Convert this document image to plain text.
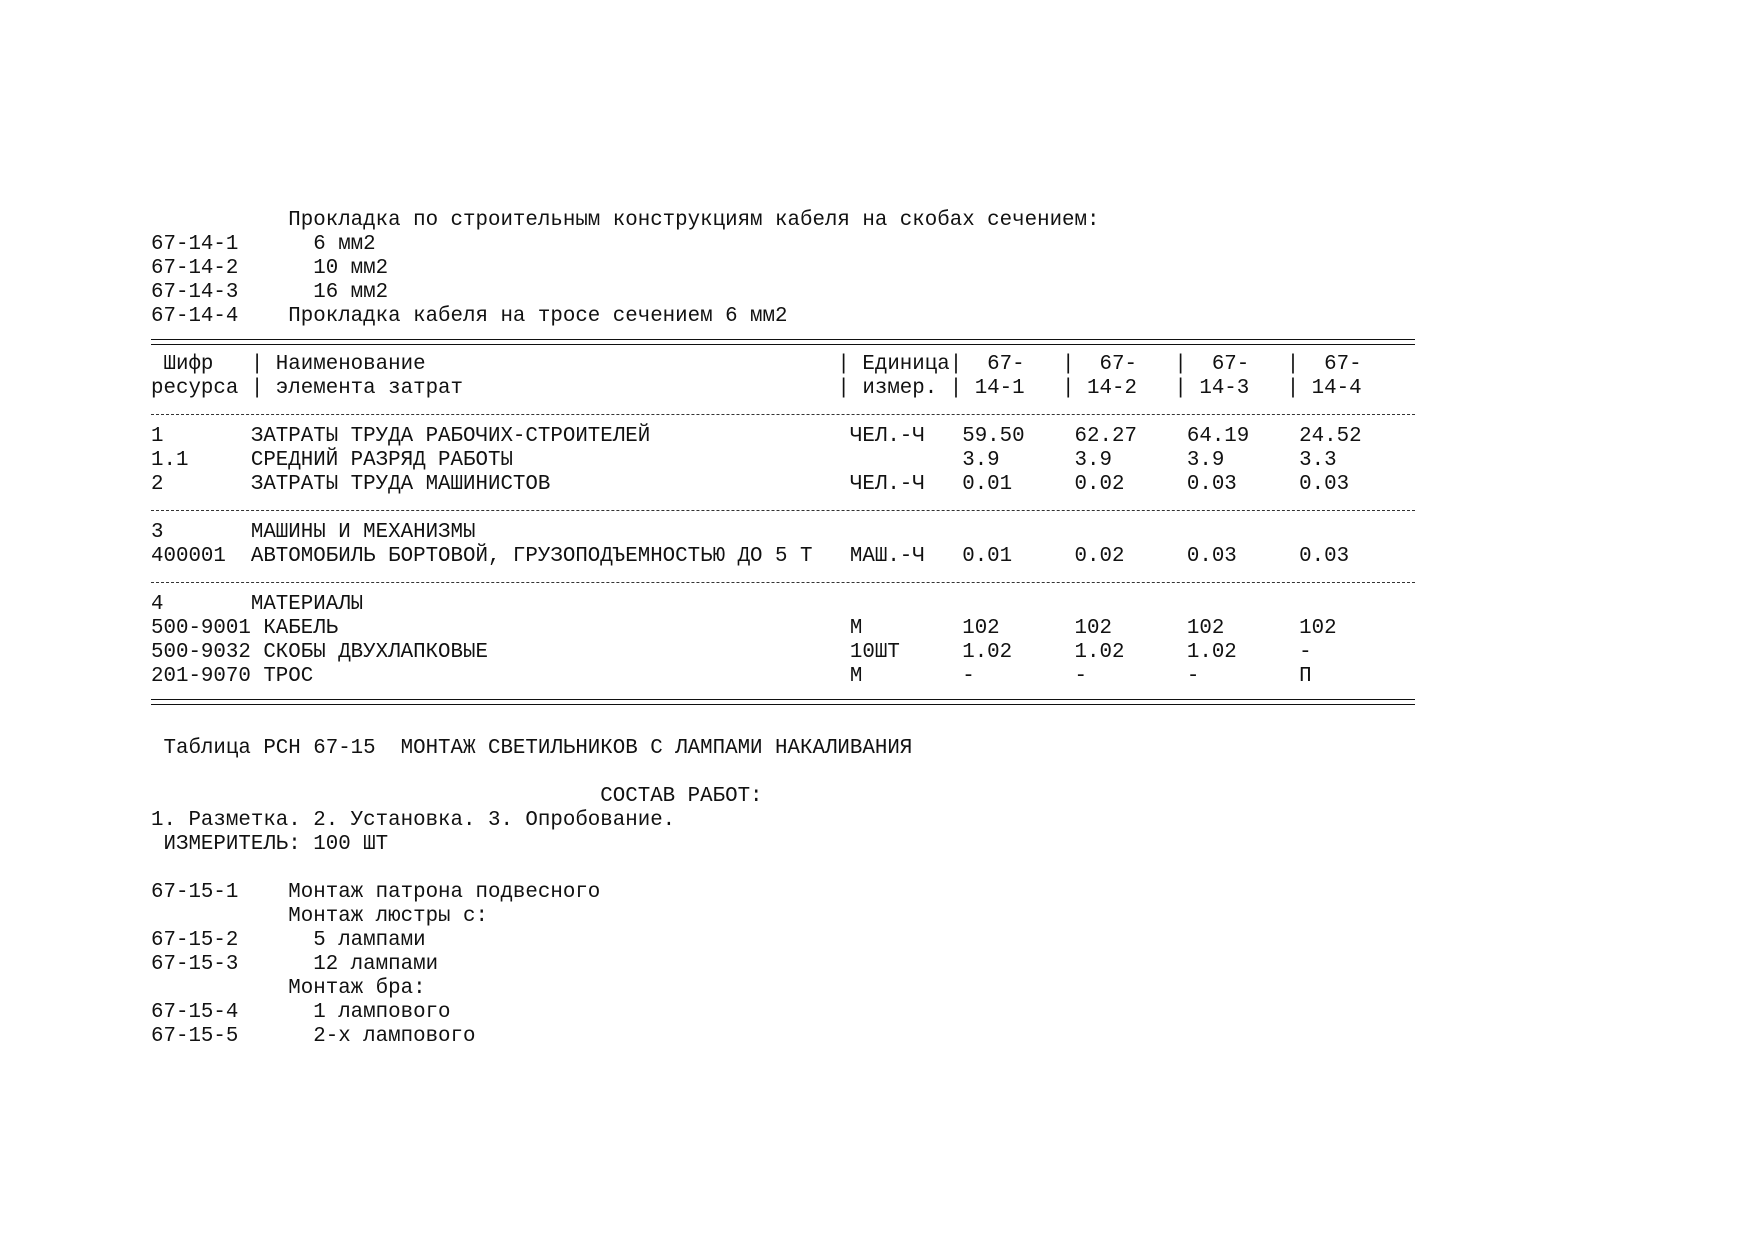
Прокладка по строительным конструкциям кабеля на скобах сечением:
67-14-1      6 мм2
67-14-2      10 мм2
67-14-3      16 мм2
67-14-4    Прокладка кабеля на тросе сечением 6 мм2
Шифр   | Наименование                                 | Единица|  67-   |  67-   |  67-   |  67-
ресурса | элемента затрат                              | измер. | 14-1   | 14-2   | 14-3   | 14-4
1       ЗАТРАТЫ ТРУДА РАБОЧИХ-СТРОИТЕЛЕЙ                ЧЕЛ.-Ч   59.50    62.27    64.19    24.52
1.1     СРЕДНИЙ РАЗРЯД РАБОТЫ                                    3.9      3.9      3.9      3.3
2       ЗАТРАТЫ ТРУДА МАШИНИСТОВ                        ЧЕЛ.-Ч   0.01     0.02     0.03     0.03
3       МАШИНЫ И МЕХАНИЗМЫ
400001  АВТОМОБИЛЬ БОРТОВОЙ, ГРУЗОПОДЪЕМНОСТЬЮ ДО 5 Т   МАШ.-Ч   0.01     0.02     0.03     0.03
4       МАТЕРИАЛЫ
500-9001 КАБЕЛЬ                                         М        102      102      102      102
500-9032 СКОБЫ ДВУХЛАПКОВЫЕ                             10ШТ     1.02     1.02     1.02     -
201-9070 ТРОС                                           М        -        -        -        П
Таблица РСН 67-15  МОНТАЖ СВЕТИЛЬНИКОВ С ЛАМПАМИ НАКАЛИВАНИЯ
СОСТАВ РАБОТ:
1. Разметка. 2. Установка. 3. Опробование.
ИЗМЕРИТЕЛЬ: 100 ШТ
67-15-1    Монтаж патрона подвесного
Монтаж люстры с:
67-15-2      5 лампами
67-15-3      12 лампами
Монтаж бра:
67-15-4      1 лампового
67-15-5      2-х лампового
